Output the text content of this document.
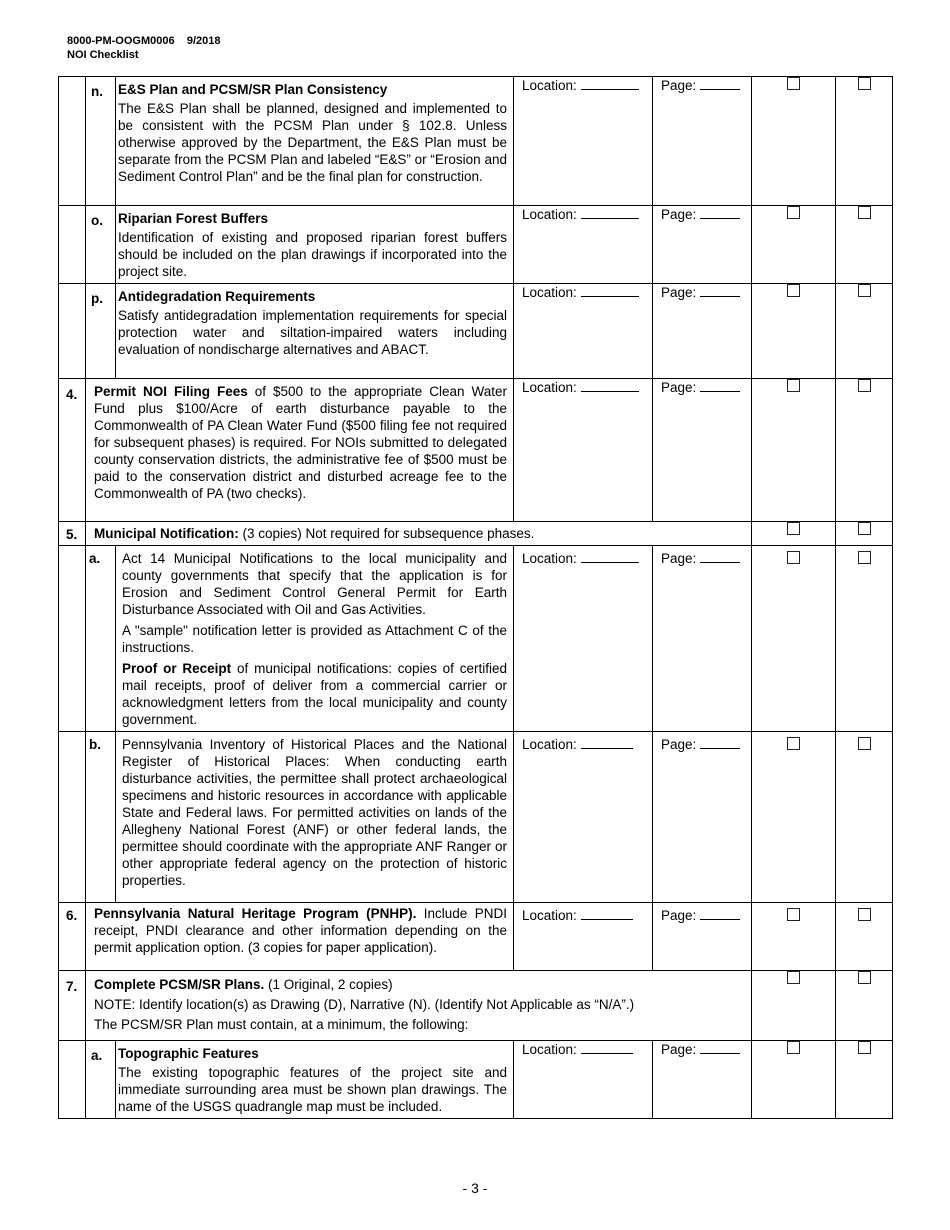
8000-PM-OOGM0006    9/2018
NOI Checklist
	n.	E&S Plan and PCSM/SR Plan Consistency

The E&S Plan shall be planned, designed and implemented to be consistent with the PCSM Plan under § 102.8. Unless otherwise approved by the Department, the E&S Plan must be separate from the PCSM Plan and labeled “E&S” or “Erosion and Sediment Control Plan” and be the final plan for construction.	Location:	Page:		
	o.	Riparian Forest Buffers

Identification of existing and proposed riparian forest buffers should be included on the plan drawings if incorporated into the project site.	Location:	Page:		
	p.	Antidegradation Requirements

Satisfy antidegradation implementation requirements for special protection water and siltation-impaired waters including evaluation of nondischarge alternatives and ABACT.	Location:	Page:		
4.	Permit NOI Filing Fees of $500 to the appropriate Clean Water Fund plus $100/Acre of earth disturbance payable to the Commonwealth of PA Clean Water Fund ($500 filing fee not required for subsequent phases) is required. For NOIs submitted to delegated county conservation districts, the administrative fee of $500 must be paid to the conservation district and disturbed acreage fee to the Commonwealth of PA (two checks).		Location:	Page:		
5.	Municipal Notification: (3 copies) Not required for subsequence phases.					
	a.	Act 14 Municipal Notifications to the local municipality and county governments that specify that the application is for Erosion and Sediment Control General Permit for Earth Disturbance Associated with Oil and Gas Activities.

A "sample" notification letter is provided as Attachment C of the instructions.

Proof or Receipt of municipal notifications: copies of certified mail receipts, proof of deliver from a commercial carrier or acknowledgment letters from the local municipality and county government.	Location:	Page:		
	b.	Pennsylvania Inventory of Historical Places and the National Register of Historical Places: When conducting earth disturbance activities, the permittee shall protect archaeological specimens and historic resources in accordance with applicable State and Federal laws. For permitted activities on lands of the Allegheny National Forest (ANF) or other federal lands, the permittee should coordinate with the appropriate ANF Ranger or other appropriate federal agency on the protection of historic properties.	Location:	Page:		
6.	Pennsylvania Natural Heritage Program (PNHP). Include PNDI receipt, PNDI clearance and other information depending on the permit application option. (3 copies for paper application).		Location:	Page:		
7.	Complete PCSM/SR Plans. (1 Original, 2 copies)

NOTE: Identify location(s) as Drawing (D), Narrative (N). (Identify Not Applicable as “N/A”.)

The PCSM/SR Plan must contain, at a minimum, the following:					

	a.	Topographic Features

The existing topographic features of the project site and immediate surrounding area must be shown plan drawings. The name of the USGS quadrangle map must be included.	Location:	Page:		
- 3 -
